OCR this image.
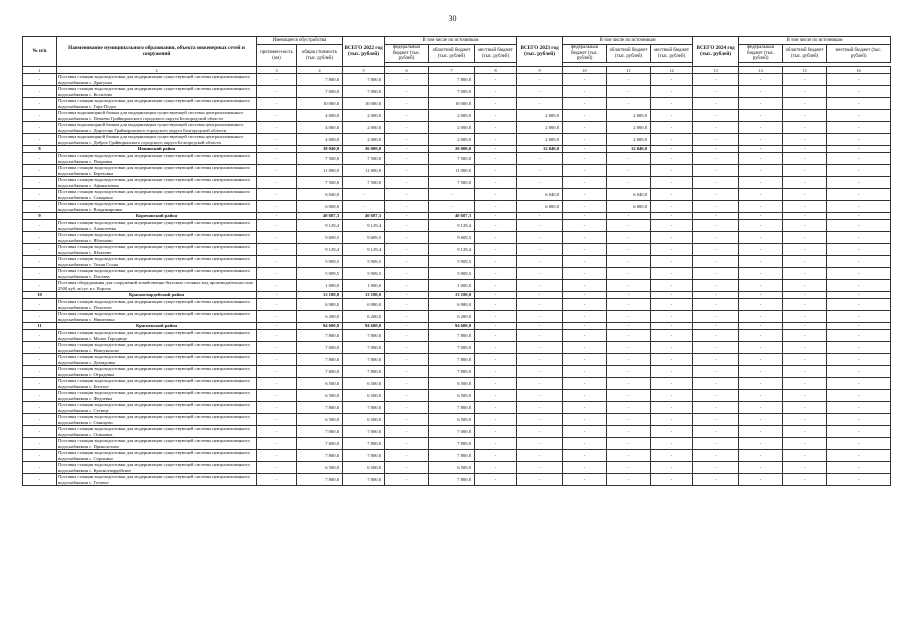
30
№ п/п	Наименование муниципального образования, объекта инженерных сетей и сооружений	Имеющиеся обустройства		ВСЕГО 2022 год (тыс. рублей)	В том числе по источникам			ВСЕГО 2023 год (тыс. рублей)	В том числе по источникам			ВСЕГО 2024 год (тыс. рублей)	В том числе по источникам		
		протяжен-ность (км)	общая стоимость (тыс. рублей)		федеральный бюджет (тыс. рублей)	областной бюджет (тыс. рублей)	местный бюджет (тыс. рублей)		федеральный бюджет (тыс. рублей)	областной бюджет (тыс. рублей)	местный бюджет (тыс. рублей)		федеральный бюджет (тыс. рублей)	областной бюджет (тыс. рублей)	местный бюджет (тыс. рублей)

1	2	3	4	5	6	7	8	9	10	11	12	13	14	15	16
-	Поставка станции водоподготовки для модернизации существующей системы централизованного водоснабжения с. Драгунка	-	7 800,0	7 800,0	-	7 800,0	-	-	-	-	-	-	-	-	-
-	Поставка станции водоподготовки для модернизации существующей системы централизованного водоснабжения с. Косилово	-	7 000,0	7 000,0	-	7 000,0	-	-	-	-	-	-	-	-	-
-	Поставка станции водоподготовки для модернизации существующей системы централизованного водоснабжения с. Гора-Подол	-	10 000,0	10 000,0	-	10 000,0	-	-	-	-	-	-	-	-	-
-	Поставка водонапорной башни для модернизации существующей системы централизованного водоснабжения с. Почаево Грайворонского городского округа Белгородской области	-	4 000,0	2 000,0	-	2 000,0	-	2 000,0	-	2 000,0	-	-	-	-	-
-	Поставка водонапорной башни для модернизации существующей системы централизованного водоснабжения с. Дорогощь Грайворонского городского округа Белгородской области	-	4 000,0	2 000,0	-	2 000,0	-	2 000,0	-	2 000,0	-	-	-	-	-
-	Поставка водонапорной башни для модернизации существующей системы централизованного водоснабжения с. Доброе Грайворонского городского округа Белгородской области	-	4 000,0	2 000,0	-	2 000,0	-	2 000,0	-	2 000,0	-	-	-	-	-
8	Ивнянский район	-	38 040,0	26 000,0	-	26 000,0	-	12 040,0	-	12 040,0	-	-	-	-	-
-	Поставка станции водоподготовки для модернизации существующей системы централизованного водоснабжения с. Покровка	-	7 500,0	7 500,0	-	7 500,0	-	-	-	-	-	-	-	-	-
-	Поставка станции водоподготовки для модернизации существующей системы централизованного водоснабжения с. Березовка	-	11 000,0	11 000,0	-	11 000,0	-	-	-	-	-	-	-	-	-
-	Поставка станции водоподготовки для модернизации существующей системы централизованного водоснабжения с. Афанасьевка	-	7 500,0	7 500,0	-	7 500,0	-	-	-	-	-	-	-	-	-
-	Поставка станции водоподготовки для модернизации существующей системы централизованного водоснабжения с. Самарино	-	6 040,0	-	-	-	-	6 040,0	-	6 040,0	-	-	-	-	-
-	Поставка станции водоподготовки для модернизации существующей системы централизованного водоснабжения с. Владимировка	-	6 000,0	-	-	-	-	6 000,0	-	6 000,0	-	-	-	-	-
9	Корочанский район	-	40 687,3	40 687,3	-	40 687,3	-	-	-	-	-	-	-	-	-
-	Поставка станции водоподготовки для модернизации существующей системы централизованного водоснабжения с. Алексеевка	-	9 129,4	9 129,4	-	9 129,4	-	-	-	-	-	-	-	-	-
-	Поставка станции водоподготовки для модернизации существующей системы централизованного водоснабжения с. Яблоново	-	9 609,5	9 609,5	-	9 609,5	-	-	-	-	-	-	-	-	-
-	Поставка станции водоподготовки для модернизации существующей системы централизованного водоснабжения с. Шляхово	-	9 129,4	9 129,4	-	9 129,4	-	-	-	-	-	-	-	-	-
-	Поставка станции водоподготовки для модернизации существующей системы централизованного водоснабжения с. Тихая Сосна	-	5 909,5	5 909,5	-	5 909,5	-	-	-	-	-	-	-	-	-
-	Поставка станции водоподготовки для модернизации существующей системы централизованного водоснабжения с. Плотава	-	5 909,5	5 909,5	-	5 909,5	-	-	-	-	-	-	-	-	-
-	Поставка оборудования для сооружений хозяйственно-бытовых сточных вод производительностью 2500 куб. м/сут. в г. Короча	-	1 000,0	1 000,0	-	1 000,0	-	-	-	-	-	-	-	-	-
10	Красногвардейский район	-	13 180,0	13 180,0	-	13 180,0	-	-	-	-	-	-	-	-	-
-	Поставка станции водоподготовки для модернизации существующей системы централизованного водоснабжения с. Палатово	-	6 980,0	6 980,0	-	6 980,0	-	-	-	-	-	-	-	-	-
-	Поставка станции водоподготовки для модернизации существующей системы централизованного водоснабжения с. Никитовка	-	6 200,0	6 200,0	-	6 200,0	-	-	-	-	-	-	-	-	-
11	Красненский район	-	94 600,0	94 600,0	-	94 600,0	-	-	-	-	-	-	-	-	-
-	Поставка станции водоподготовки для модернизации существующей системы централизованного водоснабжения с. Малое Городище	-	7 800,0	7 800,0	-	7 800,0	-	-	-	-	-	-	-	-	-
-	Поставка станции водоподготовки для модернизации существующей системы централизованного водоснабжения с. Новоуколово	-	7 000,0	7 000,0	-	7 000,0	-	-	-	-	-	-	-	-	-
-	Поставка станции водоподготовки для модернизации существующей системы централизованного водоснабжения с. Демидовка	-	7 800,0	7 800,0	-	7 800,0	-	-	-	-	-	-	-	-	-
-	Поставка станции водоподготовки для модернизации существующей системы централизованного водоснабжения с. Отрадовка	-	7 800,0	7 800,0	-	7 800,0	-	-	-	-	-	-	-	-	-
-	Поставка станции водоподготовки для модернизации существующей системы централизованного водоснабжения с. Богатое	-	6 500,0	6 500,0	-	6 500,0	-	-	-	-	-	-	-	-	-
-	Поставка станции водоподготовки для модернизации существующей системы централизованного водоснабжения с. Федчевка	-	6 500,0	6 500,0	-	6 500,0	-	-	-	-	-	-	-	-	-
-	Поставка станции водоподготовки для модернизации существующей системы централизованного водоснабжения с. Сетище	-	7 800,0	7 800,0	-	7 800,0	-	-	-	-	-	-	-	-	-
-	Поставка станции водоподготовки для модернизации существующей системы централизованного водоснабжения с. Свинцово	-	6 500,0	6 500,0	-	6 500,0	-	-	-	-	-	-	-	-	-
-	Поставка станции водоподготовки для модернизации существующей системы централизованного водоснабжения с. Осиновка	-	7 000,0	7 000,0	-	7 000,0	-	-	-	-	-	-	-	-	-
-	Поставка станции водоподготовки для модернизации существующей системы централизованного водоснабжения с. Приколотное	-	7 800,0	7 800,0	-	7 800,0	-	-	-	-	-	-	-	-	-
-	Поставка станции водоподготовки для модернизации существующей системы централизованного водоснабжения с. Сорокино	-	7 800,0	7 800,0	-	7 800,0	-	-	-	-	-	-	-	-	-
-	Поставка станции водоподготовки для модернизации существующей системы централизованного водоснабжения с. Красногвардейское	-	6 500,0	6 500,0	-	6 500,0	-	-	-	-	-	-	-	-	-
-	Поставка станции водоподготовки для модернизации существующей системы централизованного водоснабжения с. Готовье	-	7 800,0	7 800,0	-	7 800,0	-	-	-	-	-	-	-	-	-
